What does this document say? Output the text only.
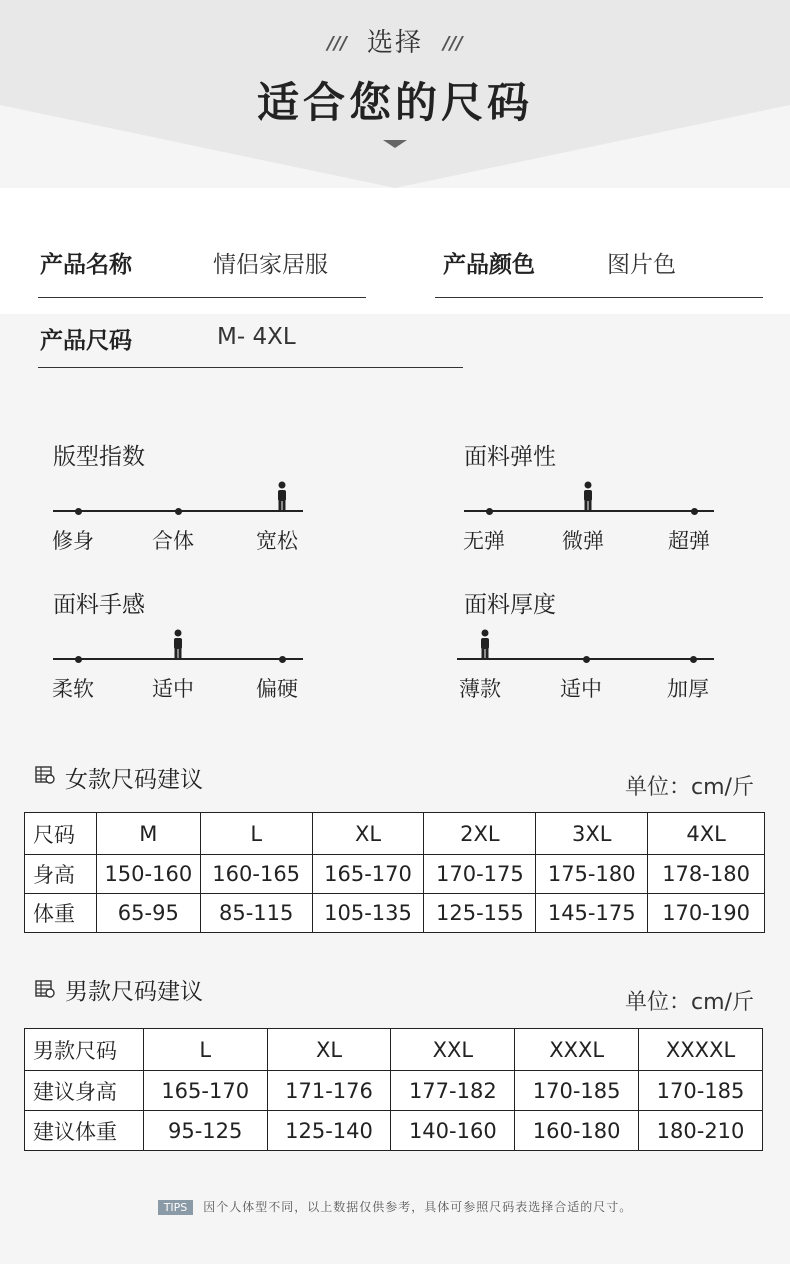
/// 选择 ///
适合您的尺码
产品名称	情侣家居服	产品颜色	图片色
产品尺码	M- 4XL
版型指数
修身	合体	宽松
面料弹性
无弹	微弹	超弹
面料手感
柔软	适中	偏硬
面料厚度
薄款	适中	加厚
女款尺码建议	单位：cm/斤
尺码	M	L	XL	2XL	3XL	4XL
身高	150-160	160-165	165-170	170-175	175-180	178-180
体重	65-95	85-115	105-135	125-155	145-175	170-190
男款尺码建议	单位：cm/斤
男款尺码	L	XL	XXL	XXXL	XXXXL
建议身高	165-170	171-176	177-182	170-185	170-185
建议体重	95-125	125-140	140-160	160-180	180-210
TIPS 因个人体型不同，以上数据仅供参考，具体可参照尺码表选择合适的尺寸。
